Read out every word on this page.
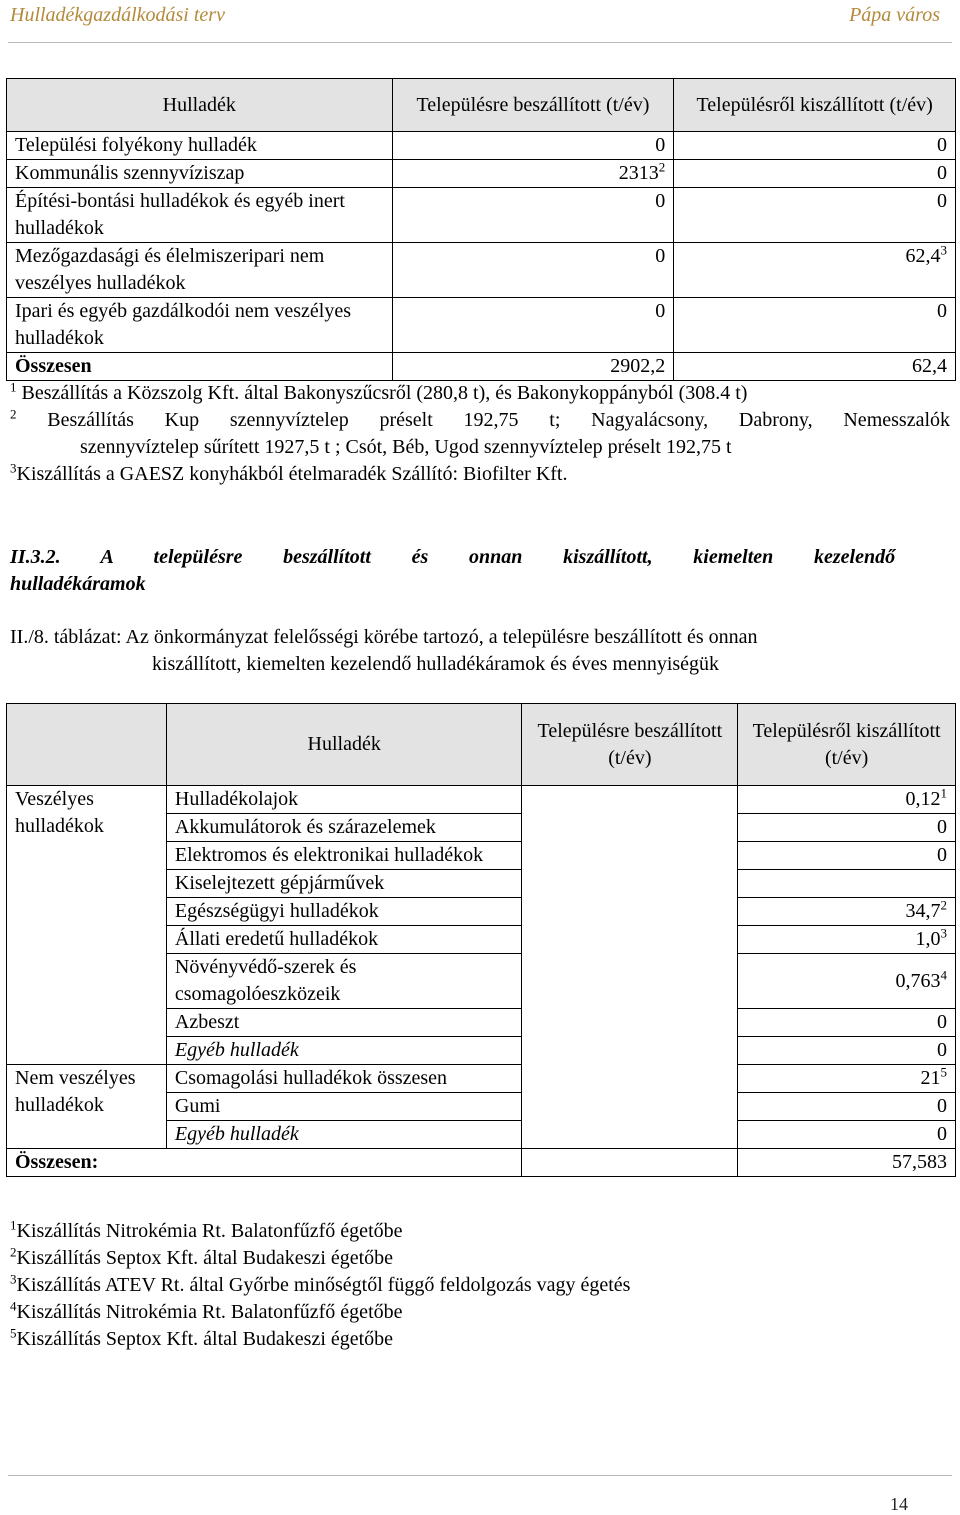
Hulladékgazdálkodási terv	Pápa város
Hulladék	Településre beszállított (t/év)	Településről kiszállított (t/év)
Települési folyékony hulladék	0	0
Kommunális szennyvíziszap	2313$^2$	0
Építési-bontási hulladékok és egyéb inert hulladékok	0	0
Mezőgazdasági és élelmiszeripari nem veszélyes hulladékok	0	62,4$^3$
Ipari és egyéb gazdálkodói nem veszélyes hulladékok	0	0
Összesen	2902,2	62,4

$^1$ Beszállítás a Közszolg Kft. által Bakonyszűcsről (280,8 t), és Bakonykoppányból (308.4 t)

$^2$ Beszállítás Kup szennyvíztelep préselt 192,75 t; Nagyalácsony, Dabrony, Nemesszalók

szennyvíztelep sűrített 1927,5 t ; Csót, Béb, Ugod szennyvíztelep préselt 192,75 t

$^3$Kiszállítás a GAESZ konyhákból ételmaradék Szállító: Biofilter Kft.

II.3.2. A településre beszállított és onnan kiszállított, kiemelten kezelendő
hulladékáramok
II./8. táblázat: Az önkormányzat felelősségi körébe tartozó, a településre beszállított és onnan
kiszállított, kiemelten kezelendő hulladékáramok és éves mennyiségük
	Hulladék	Településre beszállított (t/év)	Településről kiszállított (t/év)
Veszélyes hulladékok	Hulladékolajok		0,12$^1$
	Akkumulátorok és szárazelemek		0
	Elektromos és elektronikai hulladékok		0
	Kiselejtezett gépjárművek		
	Egészségügyi hulladékok		34,7$^2$
	Állati eredetű hulladékok		$1,0^3$
	Növényvédő-szerek és csomagolóeszközeik		0,763$^4$
	Azbeszt		0
	Egyéb hulladék		0
Nem veszélyes hulladékok	Csomagolási hulladékok összesen		$21^5$
	Gumi		0
	Egyéb hulladék		0
Összesen:			57,583

$^1$Kiszállítás Nitrokémia Rt. Balatonfűzfő égetőbe

$^2$Kiszállítás Septox Kft. által Budakeszi égetőbe

$^3$Kiszállítás ATEV Rt. által Győrbe minőségtől függő feldolgozás vagy égetés

$^4$Kiszállítás Nitrokémia Rt. Balatonfűzfő égetőbe

$^5$Kiszállítás Septox Kft. által Budakeszi égetőbe

14
